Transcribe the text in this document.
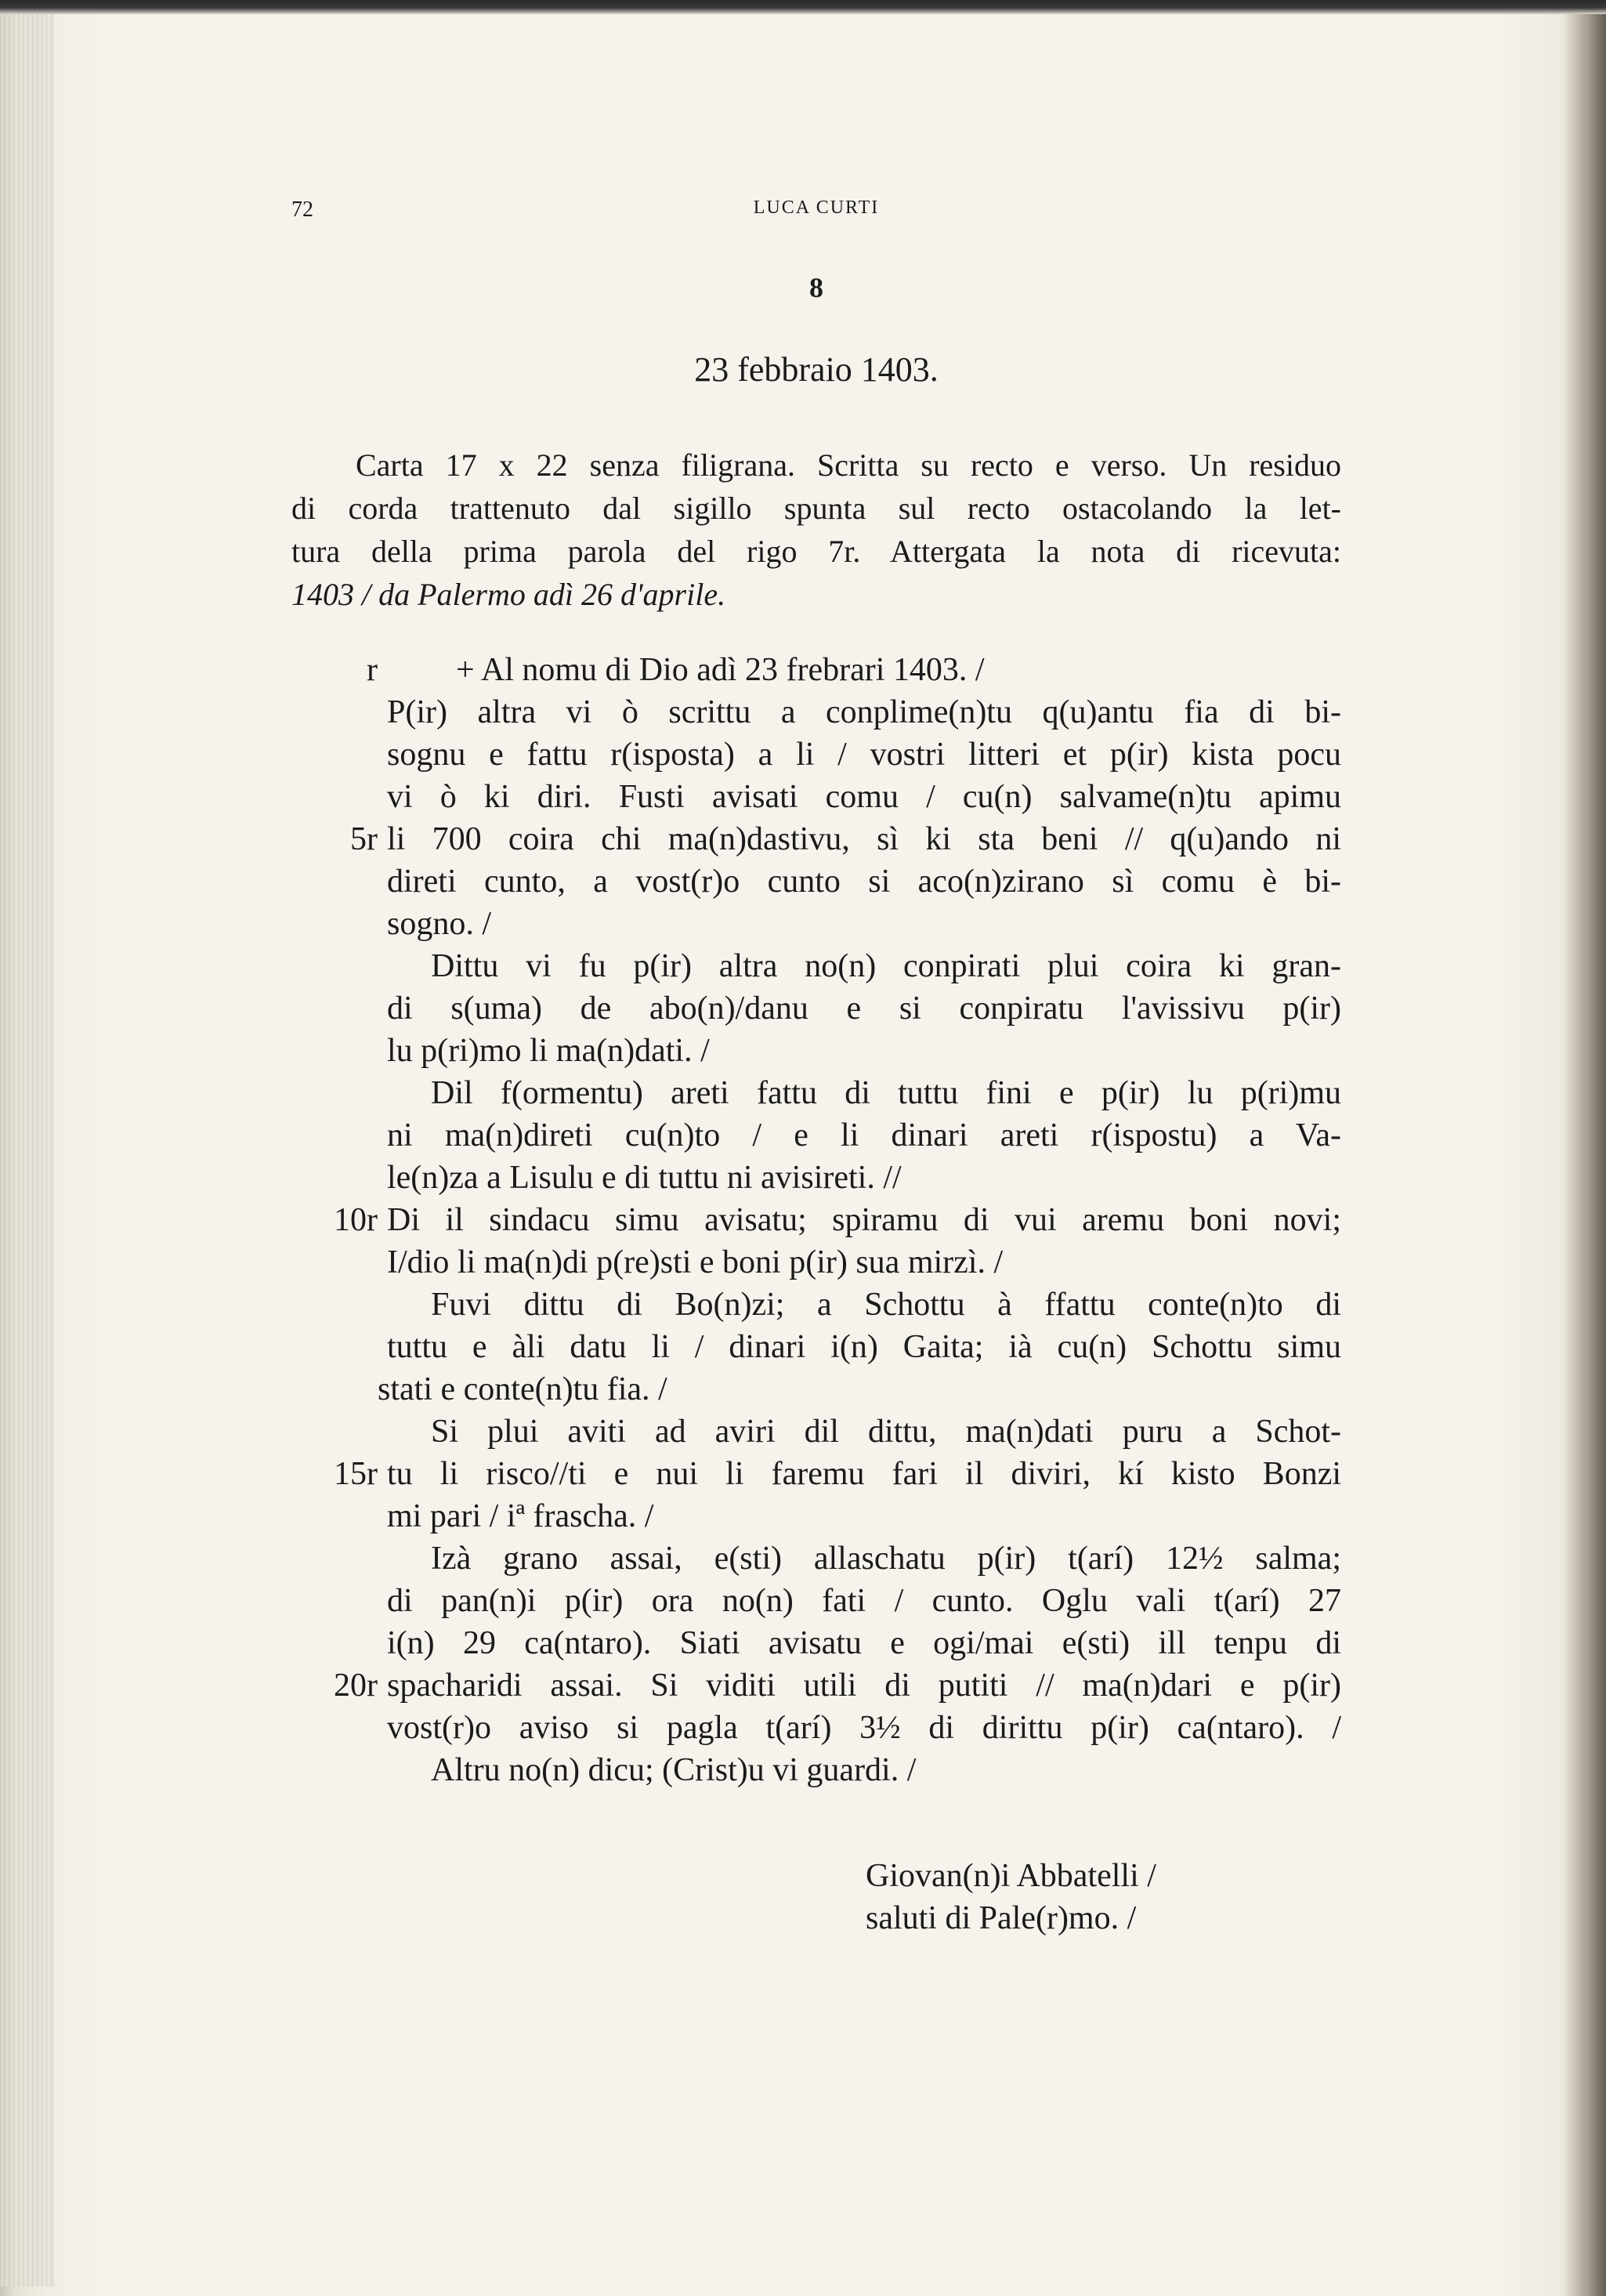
72	LUCA CURTI
8
23 febbraio 1403.
Carta 17 x 22 senza filigrana. Scritta su recto e verso. Un residuo
di corda trattenuto dal sigillo spunta sul recto ostacolando la let-
tura della prima parola del rigo 7r. Attergata la nota di ricevuta:
1403 / da Palermo adì 26 d'aprile.
r	+ Al nomu di Dio adì 23 frebrari 1403. /
P(ir) altra vi ò scrittu a conplime(n)tu q(u)antu fia di bi-
sognu e fattu r(isposta) a li / vostri litteri et p(ir) kista pocu
vi ò ki diri. Fusti avisati comu / cu(n) salvame(n)tu apimu
5r li 700 coira chi ma(n)dastivu, sì ki sta beni // q(u)ando ni
direti cunto, a vost(r)o cunto si aco(n)zirano sì comu è bi-
sogno. /
Dittu vi fu p(ir) altra no(n) conpirati plui coira ki gran-
di s(uma) de abo(n)/danu e si conpiratu l'avissivu p(ir)
lu p(ri)mo li ma(n)dati. /
Dil f(ormentu) areti fattu di tuttu fini e p(ir) lu p(ri)mu
ni ma(n)direti cu(n)to / e li dinari areti r(ispostu) a Va-
le(n)za a Lisulu e di tuttu ni avisireti. //
10r Di il sindacu simu avisatu; spiramu di vui aremu boni novi;
I/dio li ma(n)di p(re)sti e boni p(ir) sua mirzì. /
Fuvi dittu di Bo(n)zi; a Schottu à ffattu conte(n)to di
tuttu e àli datu li / dinari i(n) Gaita; ià cu(n) Schottu simu
stati e conte(n)tu fia. /
Si plui aviti ad aviri dil dittu, ma(n)dati puru a Schot-
15r tu li risco//ti e nui li faremu fari il diviri, kí kisto Bonzi
mi pari / iª frascha. /
Izà grano assai, e(sti) allaschatu p(ir) t(arí) 12½ salma;
di pan(n)i p(ir) ora no(n) fati / cunto. Oglu vali t(arí) 27
i(n) 29 ca(ntaro). Siati avisatu e ogi/mai e(sti) ill tenpu di
20r spacharidi assai. Si viditi utili di putiti // ma(n)dari e p(ir)
vost(r)o aviso si pagla t(arí) 3½ di dirittu p(ir) ca(ntaro). /
Altru no(n) dicu; (Crist)u vi guardi. /
Giovan(n)i Abbatelli /
saluti di Pale(r)mo. /
